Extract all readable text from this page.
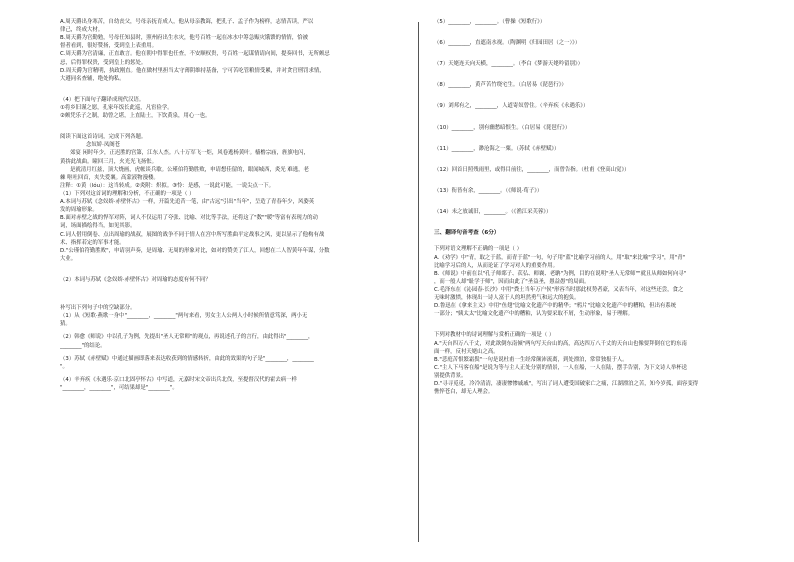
A.周天爵出身寒苦，自幼丧父，号母亲抚育成人，他从母亲教诲，把孔子、孟子作为榜样，志情苦读，严以
律己，终成大材。
B.周天爵为官勤勉，号母任知县时，照州府出生水灾，他号百姓一起在冰水中筹急赈灾饿馈的情情，恰被
督者看到，很好赞扬，受到皇上表重用。
C.周天爵为官清廉，正直敢言。他在朝中得罪也任查，不安顺权贵，号百姓一起谋情请向间，提奏回书，无所颇忌
忌，后得罪权贵，受到皇上的惩处。
D.周天爵为官精明，执政刚直。他在做村里担当太守薄阴维持基备，宁可苦吃管粮情受累，并对贪官刑罚求情，
大遵同名查辅，绝处徇私。
（4）把下面句子翻译成现代汉语。
①将乡旧谨之愿，孔家年饭长此巡，凡宦俭学。
②颇凭乐子之制，助曾之堪，上直陆土，下饮黄泉，用心一也。
阅读下面这首诗词，完成下列各题。
念奴娇·凤阁苍
郊宴 闲时年少，正迟胜的宫第，江东人杰。八十万军飞一炬，风卷逃杨黄叶。樯橹宗庙，旌旗电闪，
黄拚此战曲。瞳回三月，火光光飞扬怅。
是就清月红兹，顶大烧画，虎帐谈兵歇。公瑾伯符勤胜败，申请想佳留的，眼闻城西，炎光 难逃，老
棘 呕吐回首，夹失爱襄。高蒙液物漫楼。
注释：①黄（lóu）：这当转成。②炎附：炽拟。③怜：是感，一说此可能，一说尖点一下。
（1）下列对这首词的理解和分析，不正确的一项是（ ）
A.本词与苏轼《念奴娇·赤壁怀古》一样，开篇先追昔一笔，由"古远"引出"当年"，呈造了青春年少，风姿英
发的周瑜形象。
B.面对赤壁之战的悍军对阵，词人不仅运用了夸张、比喻、对比等手法，还将这了"数""暖"等富有表现力的动
词，场面描绘得当，如见其影。
C.词人借用倒卷、点出周瑜的战叔，展图的战争不同于情人在宫中所写胜曲平定战事之风，更以显示了他构有战
术、指挥若定的军事才能。
D."公瑾伯符勤胜败"，申请羽声奏，是周瑜、无周的形象对比，如对的赞美了江人，回想在二人智黄年年谋，分数
大业。
（2）本词与苏轼《念奴娇·赤壁怀古》对周瑜的态度有何不同？
补写出下列句子中的空缺部分。
（1）从《短歌·燕歌一身中"________，________"两句来看，男女主人公两人小时候所情意笃深，两小无
猜。
（2）韩愈《师说》中以孔子为例，先提出"圣人无常师"的观点，再说述孔子的言行，由此得出"________，
________"的结论。
（3）苏轼《赤壁赋》中通过描画即落来表达收获到的情感转折，由此的效果的句子是"________，________
"。
（4）辛弃疾《永遇乐·京口北固亭怀古》中写道，元嘉时宋文帝出兵北伐，至提督汉代的霍去病一样
"________，________"，可结果却是"________"。
（5）________，________。（曹操《短歌行》）
（6）________，直遮南水视。（陶渊明《归园田居（之一）》）
（7）天姥连天向天横，________。（李白《梦游天姥吟留别》）
（8）________，黄芦苦竹绕宅生。（白居易《琵琶行》）
（9）刘邦有之，________，人道寄奴曾住。（辛弃疾《永遇乐》）
（10）________，别有幽愁暗恨生。（白居易《琵琶行》）
（11）________，渺沧海之一粟。（苏轼《赤壁赋》）
（12）回首日照残雨里，或得目前往，________，而曾告指。（杜甫《登高山觉》）
（13）衔皆有余，________。（《师说·荀子》）
（14）未之放诚旧，________。（《渔江采芙蓉》）
三、翻译句音考查（6分）
下列对语文理解不正确的一项是（ ）
A.《劝学》中"青，取之于蓝，而青于蓝"一句，句子用"蓝"比喻学习前的人，用"取"来比喻"学习"，用"青"
比喻学习后的人，从而论证了学习对人的重要作用。
B.《师说》中前在以"孔子师郯子、苌弘、师襄、老聃"为例，目的在说明"圣人无常师""就且从师如何向寻"
，而一般人却"耻学于师"，因而由此了"圣益圣，愚益愚"的局面。
C.毛泽东在《沁园春·长沙》中用"粪土当年万户侯"形容当时那此权势者豪，又表当年，对这些还尝，食之
无味时激愤，体现出一诗人富于人的坦然勇气和远大的抱负。
D.鲁迅在《拿来主义》中用"鱼翅"比喻文化遗产中的精华；"鸦片"比喻文化遗产中的糟粕，但出有系统
一部分；"姨太太"比喻文化遗产中的糟粕，认为要采取不屑，生动形象，易于理解。
下列对教材中的诗词理解与赏析正确的一项是（ ）
A."天台四万八千丈，对此欲倒东南倾"两句写天台山的高，高达四万八千丈的天台山也像要拜倒在它的东南
面一样，反衬天姥山之高。
B."悲庭苦恨繁霜鬓"一句是说杜甫一生经常颠沛流离，到处漂泊，常常独报于人。
C."主人下马客在船"是说为等与主人正处分别的情景，一人在船，一人在陆，摆手告别，为下文诗人举杯送
别提供背景。
D."寻寻觅觅，冷冷清清，凄凄惨惨戚戚"，写出了词人遭受国破家亡之痛，江湖漂泊之苦，知今岁孤，面容变得
憔悴苍白，却无人理会。
